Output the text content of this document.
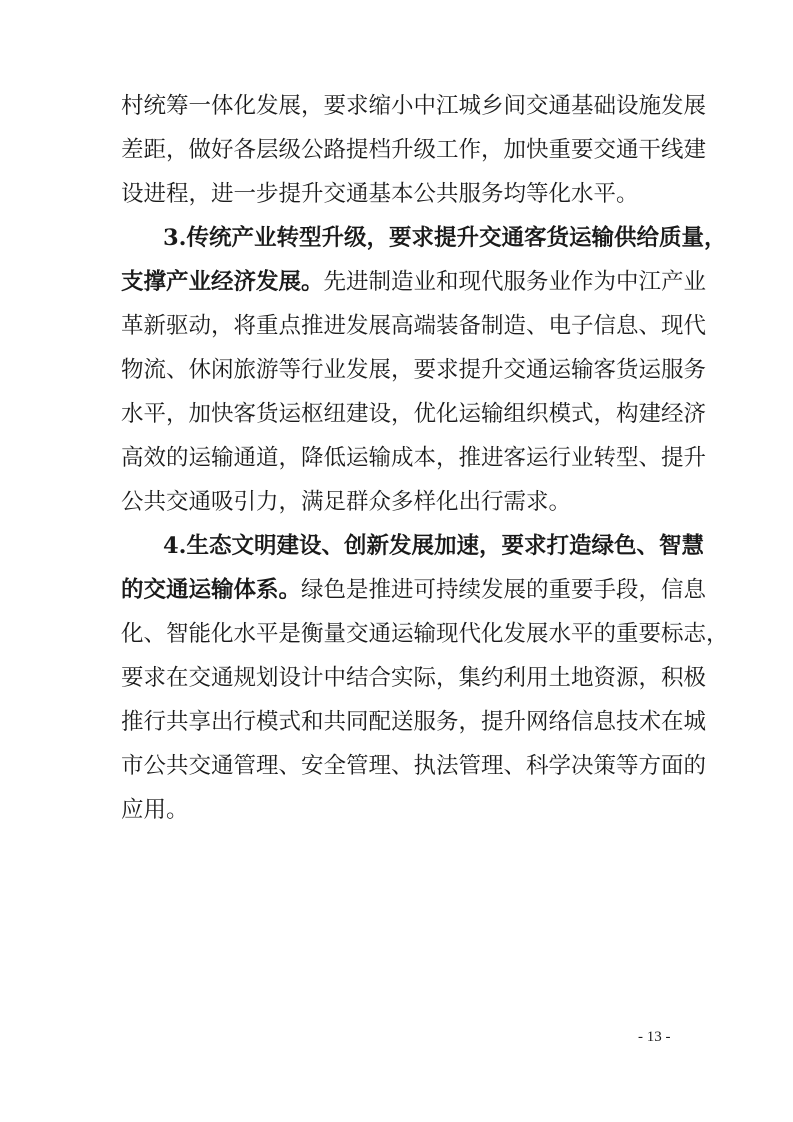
村统筹一体化发展，要求缩小中江城乡间交通基础设施发展
差距，做好各层级公路提档升级工作，加快重要交通干线建
设进程，进一步提升交通基本公共服务均等化水平。
3.传统产业转型升级，要求提升交通客货运输供给质量，
支撑产业经济发展。先进制造业和现代服务业作为中江产业
革新驱动，将重点推进发展高端装备制造、电子信息、现代
物流、休闲旅游等行业发展，要求提升交通运输客货运服务
水平，加快客货运枢纽建设，优化运输组织模式，构建经济
高效的运输通道，降低运输成本，推进客运行业转型、提升
公共交通吸引力，满足群众多样化出行需求。
4.生态文明建设、创新发展加速，要求打造绿色、智慧
的交通运输体系。绿色是推进可持续发展的重要手段，信息
化、智能化水平是衡量交通运输现代化发展水平的重要标志，
要求在交通规划设计中结合实际，集约利用土地资源，积极
推行共享出行模式和共同配送服务，提升网络信息技术在城
市公共交通管理、安全管理、执法管理、科学决策等方面的
应用。
- 13 -
